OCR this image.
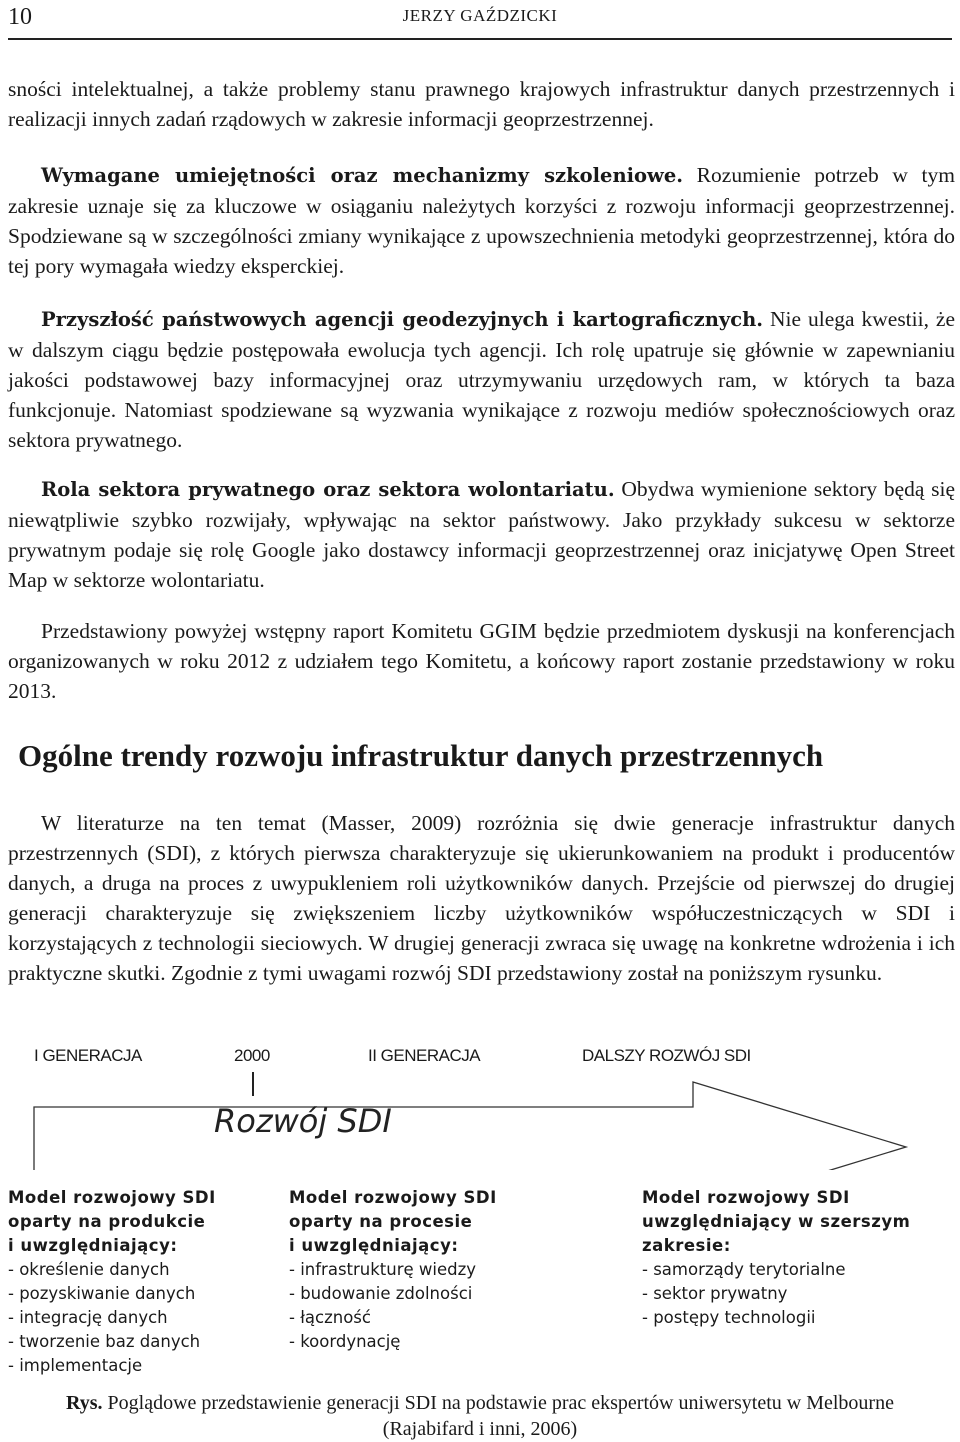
10	JERZY GAŹDZICKI

sności intelektualnej, a także problemy stanu prawnego krajowych infrastruktur danych przestrzennych i realizacji innych zadań rządowych w zakresie informacji geoprzestrzennej.

Wymagane umiejętności oraz mechanizmy szkoleniowe. Rozumienie potrzeb w tym zakresie uznaje się za kluczowe w osiąganiu należytych korzyści z rozwoju informacji geoprzestrzennej. Spodziewane są w szczególności zmiany wynikające z upowszechnienia metodyki geoprzestrzennej, która do tej pory wymagała wiedzy eksperckiej.

Przyszłość państwowych agencji geodezyjnych i kartograficznych. Nie ulega kwestii, że w dalszym ciągu będzie postępowała ewolucja tych agencji. Ich rolę upatruje się głównie w zapewnianiu jakości podstawowej bazy informacyjnej oraz utrzymywaniu urzędowych ram, w których ta baza funkcjonuje. Natomiast spodziewane są wyzwania wynikające z rozwoju mediów społecznościowych oraz sektora prywatnego.

Rola sektora prywatnego oraz sektora wolontariatu. Obydwa wymienione sektory będą się niewątpliwie szybko rozwijały, wpływając na sektor państwowy. Jako przykłady sukcesu w sektorze prywatnym podaje się rolę Google jako dostawcy informacji geoprzestrzennej oraz inicjatywę Open Street Map w sektorze wolontariatu.

Przedstawiony powyżej wstępny raport Komitetu GGIM będzie przedmiotem dyskusji na konferencjach organizowanych w roku 2012 z udziałem tego Komitetu, a końcowy raport zostanie przedstawiony w roku 2013.

Ogólne trendy rozwoju infrastruktur danych przestrzennych

W literaturze na ten temat (Masser, 2009) rozróżnia się dwie generacje infrastruktur danych przestrzennych (SDI), z których pierwsza charakteryzuje się ukierunkowaniem na produkt i producentów danych, a druga na proces z uwypukleniem roli użytkowników danych. Przejście od pierwszej do drugiej generacji charakteryzuje się zwiększeniem liczby użytkowników współuczestniczących w SDI i korzystających z technologii sieciowych. W drugiej generacji zwraca się uwagę na konkretne wdrożenia i ich praktyczne skutki. Zgodnie z tymi uwagami rozwój SDI przedstawiony został na poniższym rysunku.

I GENERACJA	2000	II GENERACJA	DALSZY ROZWÓJ SDI
Rozwój SDI
Model rozwojowy SDI
oparty na produkcie
i uwzględniający:
- określenie danych
- pozyskiwanie danych
- integrację danych
- tworzenie baz danych
- implementacje
Model rozwojowy SDI
oparty na procesie
i uwzględniający:
- infrastrukturę wiedzy
- budowanie zdolności
- łączność
- koordynację
Model rozwojowy SDI
uwzględniający w szerszym
zakresie:
- samorządy terytorialne
- sektor prywatny
- postępy technologii
Rys. Poglądowe przedstawienie generacji SDI na podstawie prac ekspertów uniwersytetu w Melbourne
(Rajabifard i inni, 2006)
